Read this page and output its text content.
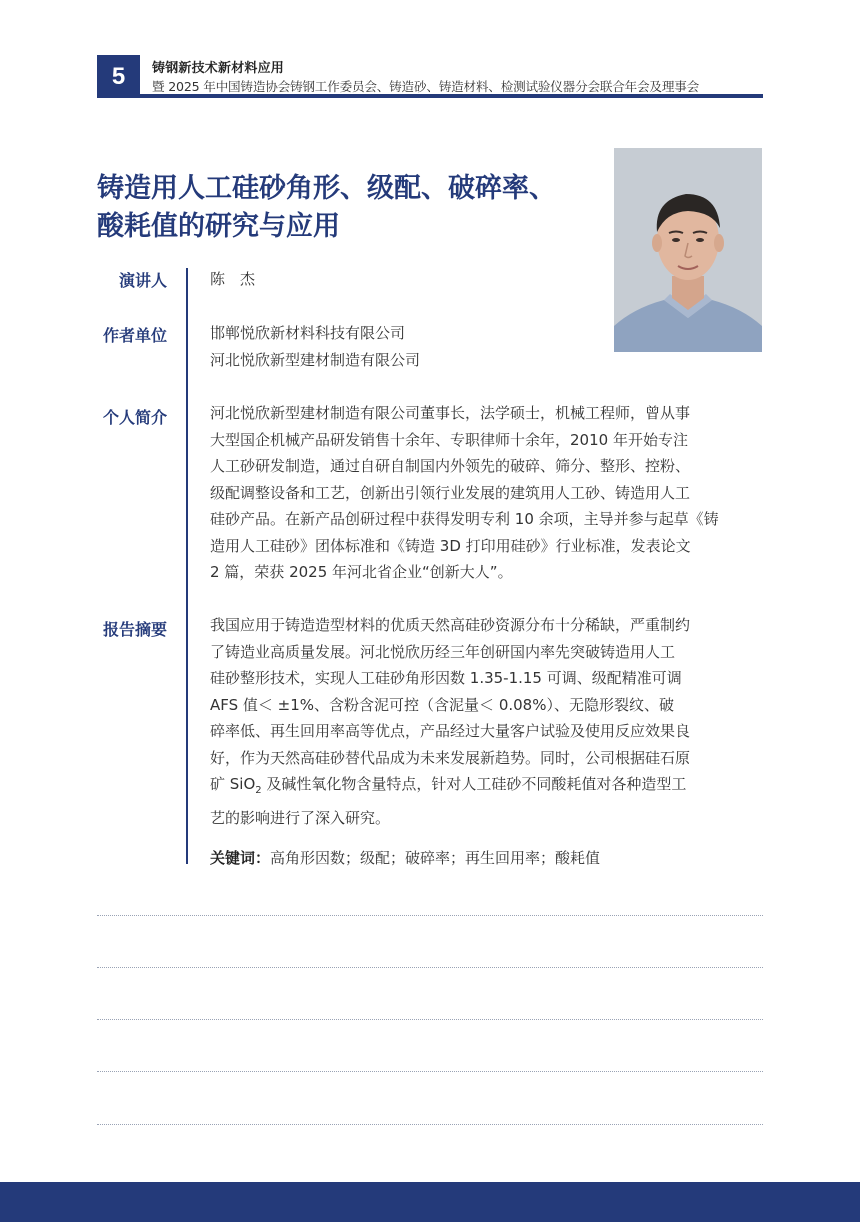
5	铸钢新技术新材料应用
暨 2025 年中国铸造协会铸钢工作委员会、铸造砂、铸造材料、检测试验仪器分会联合年会及理事会
铸造用人工硅砂角形、级配、破碎率、
酸耗值的研究与应用
演讲人	陈　杰
作者单位	邯郸悦欣新材料科技有限公司
河北悦欣新型建材制造有限公司
个人简介	河北悦欣新型建材制造有限公司董事长，法学硕士，机械工程师，曾从事
大型国企机械产品研发销售十余年、专职律师十余年，2010 年开始专注
人工砂研发制造，通过自研自制国内外领先的破碎、筛分、整形、控粉、
级配调整设备和工艺，创新出引领行业发展的建筑用人工砂、铸造用人工
硅砂产品。在新产品创研过程中获得发明专利 10 余项，主导并参与起草《铸
造用人工硅砂》团体标准和《铸造 3D 打印用硅砂》行业标准，发表论文
2 篇，荣获 2025 年河北省企业“创新大人”。
报告摘要	我国应用于铸造造型材料的优质天然高硅砂资源分布十分稀缺，严重制约
了铸造业高质量发展。河北悦欣历经三年创研国内率先突破铸造用人工
硅砂整形技术，实现人工硅砂角形因数 1.35-1.15 可调、级配精准可调
AFS 值＜ ±1%、含粉含泥可控（含泥量＜ 0.08%）、无隐形裂纹、破
碎率低、再生回用率高等优点，产品经过大量客户试验及使用反应效果良
好，作为天然高硅砂替代品成为未来发展新趋势。同时，公司根据硅石原
矿 SiO$_2$ 及碱性氧化物含量特点，针对人工硅砂不同酸耗值对各种造型工
艺的影响进行了深入研究。
关键词：高角形因数；级配；破碎率；再生回用率；酸耗值
